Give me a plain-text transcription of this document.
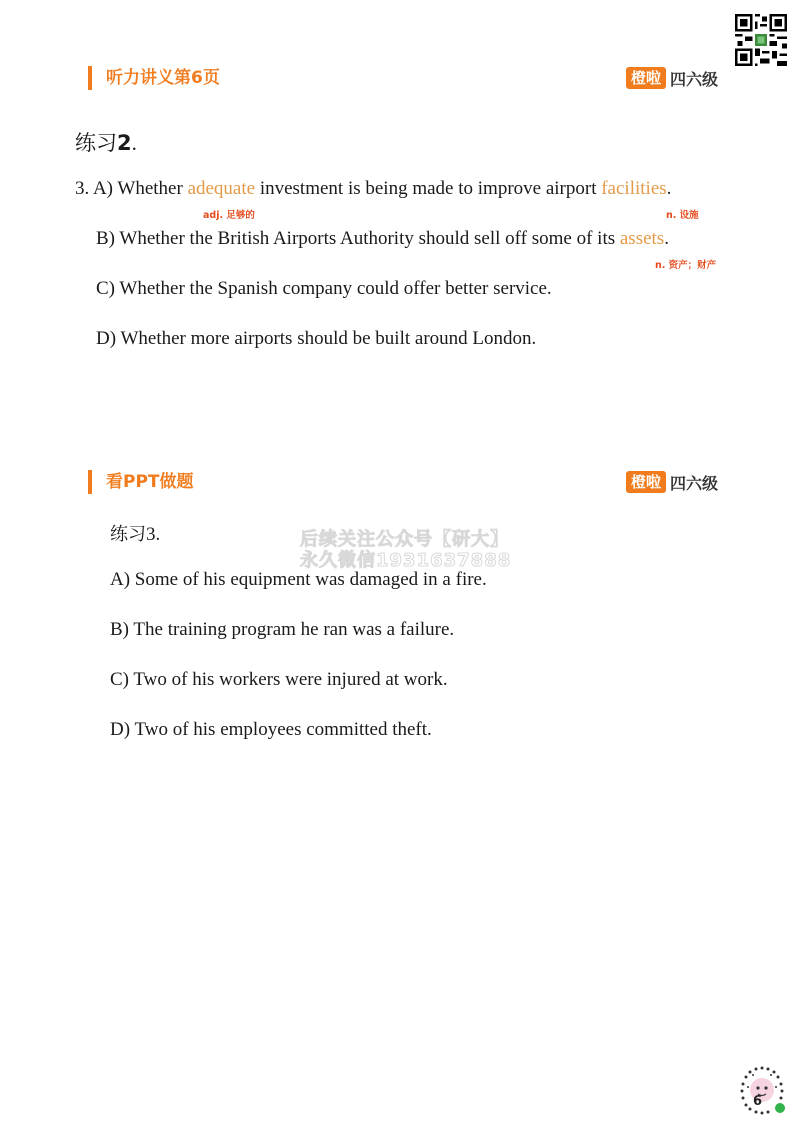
听力讲义第6页	橙啦 四六级
练习2.
3. A) Whether adequate investment is being made to improve airport facilities.
adj. 足够的	n. 设施
B) Whether the British Airports Authority should sell off some of its assets.
n. 资产；财产
C) Whether the Spanish company could offer better service.
D) Whether more airports should be built around London.
看PPT做题	橙啦 四六级
练习3.	后续关注公众号【研大】
永久微信1931637888
A) Some of his equipment was damaged in a fire.
B) The training program he ran was a failure.
C) Two of his workers were injured at work.
D) Two of his employees committed theft.
6
